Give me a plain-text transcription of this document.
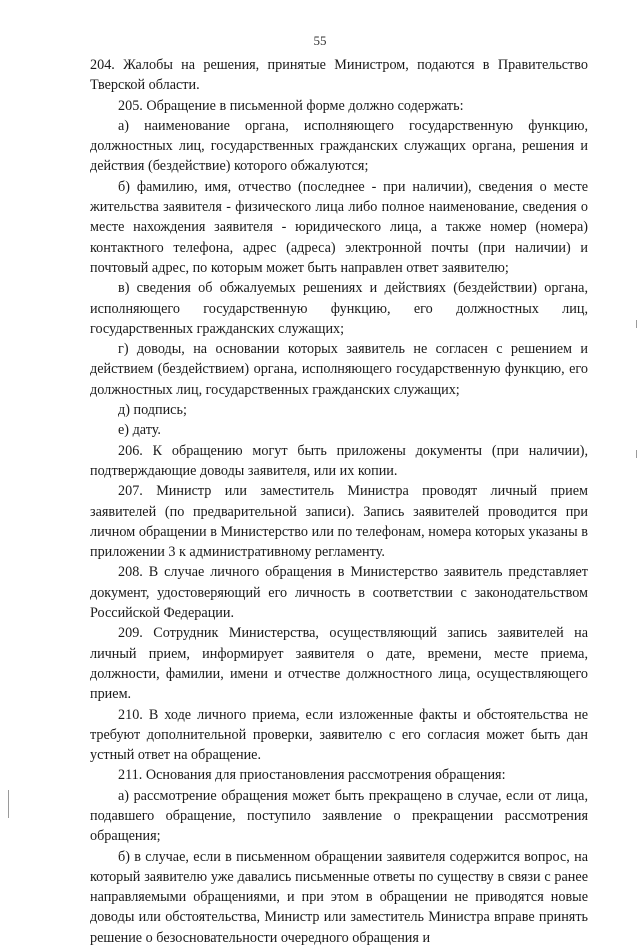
55

204. Жалобы на решения, принятые Министром, подаются в Правительство Тверской области.

205. Обращение в письменной форме должно содержать:

а) наименование органа, исполняющего государственную функцию, должностных лиц, государственных гражданских служащих органа, решения и действия (бездействие) которого обжалуются;

б) фамилию, имя, отчество (последнее - при наличии), сведения о месте жительства заявителя - физического лица либо полное наименование, сведения о месте нахождения заявителя - юридического лица, а также номер (номера) контактного телефона, адрес (адреса) электронной почты (при наличии) и почтовый адрес, по которым может быть направлен ответ заявителю;

в) сведения об обжалуемых решениях и действиях (бездействии) органа, исполняющего государственную функцию, его должностных лиц, государственных гражданских служащих;

г) доводы, на основании которых заявитель не согласен с решением и действием (бездействием) органа, исполняющего государственную функцию, его должностных лиц, государственных гражданских служащих;

д) подпись;

е) дату.

206. К обращению могут быть приложены документы (при наличии), подтверждающие доводы заявителя, или их копии.

207. Министр или заместитель Министра проводят личный прием заявителей (по предварительной записи). Запись заявителей проводится при личном обращении в Министерство или по телефонам, номера которых указаны в приложении 3 к административному регламенту.

208. В случае личного обращения в Министерство заявитель представляет документ, удостоверяющий его личность в соответствии с законодательством Российской Федерации.

209. Сотрудник Министерства, осуществляющий запись заявителей на личный прием, информирует заявителя о дате, времени, месте приема, должности, фамилии, имени и отчестве должностного лица, осуществляющего прием.

210. В ходе личного приема, если изложенные факты и обстоятельства не требуют дополнительной проверки, заявителю с его согласия может быть дан устный ответ на обращение.

211. Основания для приостановления рассмотрения обращения:

а) рассмотрение обращения может быть прекращено в случае, если от лица, подавшего обращение, поступило заявление о прекращении рассмотрения обращения;

б) в случае, если в письменном обращении заявителя содержится вопрос, на который заявителю уже давались письменные ответы по существу в связи с ранее направляемыми обращениями, и при этом в обращении не приводятся новые доводы или обстоятельства, Министр или заместитель Министра вправе принять решение о безосновательности очередного обращения и
